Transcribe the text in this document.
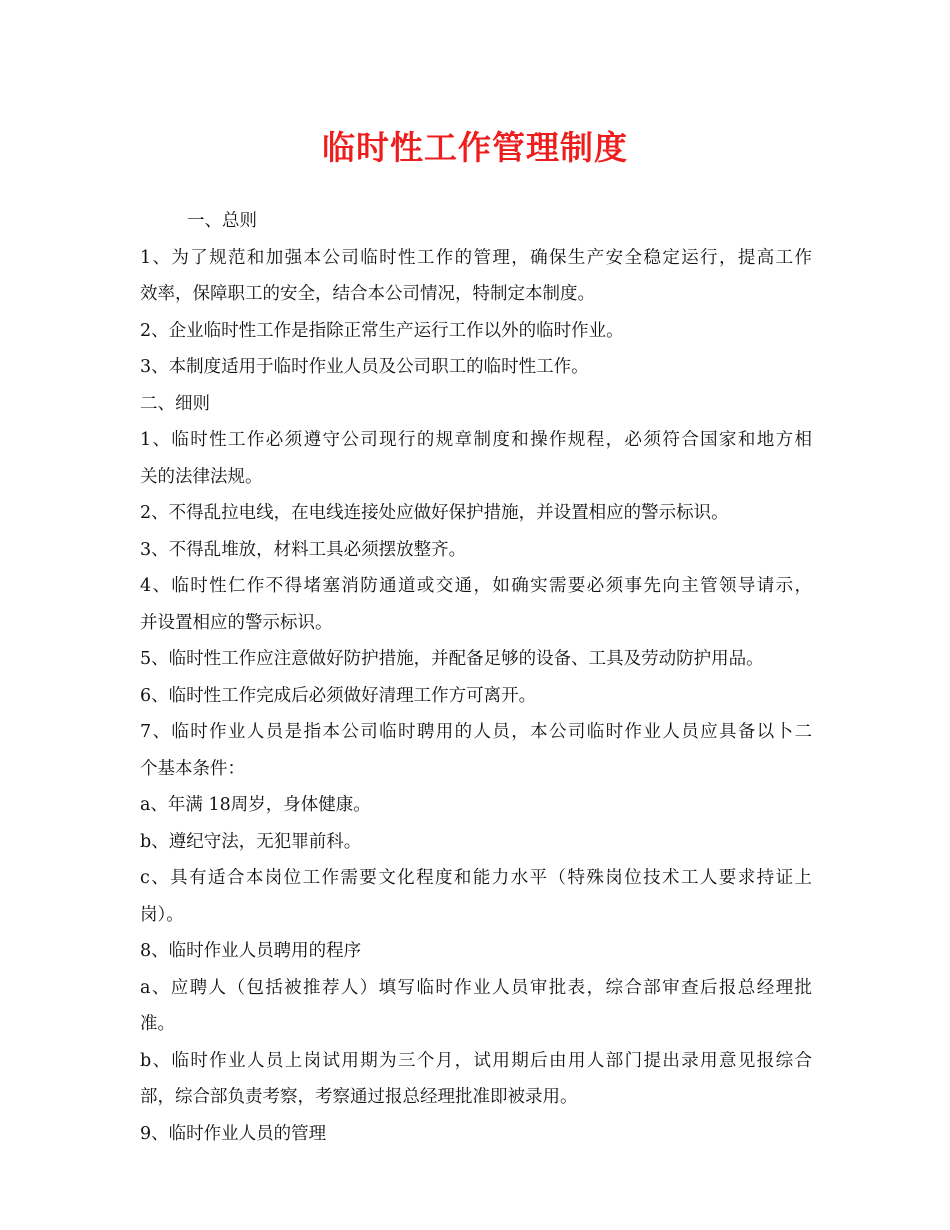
临时性工作管理制度
一、总则
1、为了规范和加强本公司临时性工作的管理，确保生产安全稳定运行，提高工作
效率，保障职工的安全，结合本公司情况，特制定本制度。
2、企业临时性工作是指除正常生产运行工作以外的临时作业。
3、本制度适用于临时作业人员及公司职工的临时性工作。
二、细则
1、临时性工作必须遵守公司现行的规章制度和操作规程，必须符合国家和地方相
关的法律法规。
2、不得乱拉电线，在电线连接处应做好保护措施，并设置相应的警示标识。
3、不得乱堆放，材料工具必须摆放整齐。
4、临时性仁作不得堵塞消防通道或交通，如确实需要必须事先向主管领导请示，
并设置相应的警示标识。
5、临时性工作应注意做好防护措施，并配备足够的设备、工具及劳动防护用品。
6、临时性工作完成后必须做好清理工作方可离开。
7、临时作业人员是指本公司临时聘用的人员，本公司临时作业人员应具备以卜二
个基本条件：
a、年满 18周岁，身体健康。
b、遵纪守法，无犯罪前科。
c、具有适合本岗位工作需要文化程度和能力水平（特殊岗位技术工人要求持证上
岗）。
8、临时作业人员聘用的程序
a、应聘人（包括被推荐人）填写临时作业人员审批表，综合部审查后报总经理批
准。
b、临时作业人员上岗试用期为三个月，试用期后由用人部门提出录用意见报综合
部，综合部负责考察，考察通过报总经理批准即被录用。
9、临时作业人员的管理
